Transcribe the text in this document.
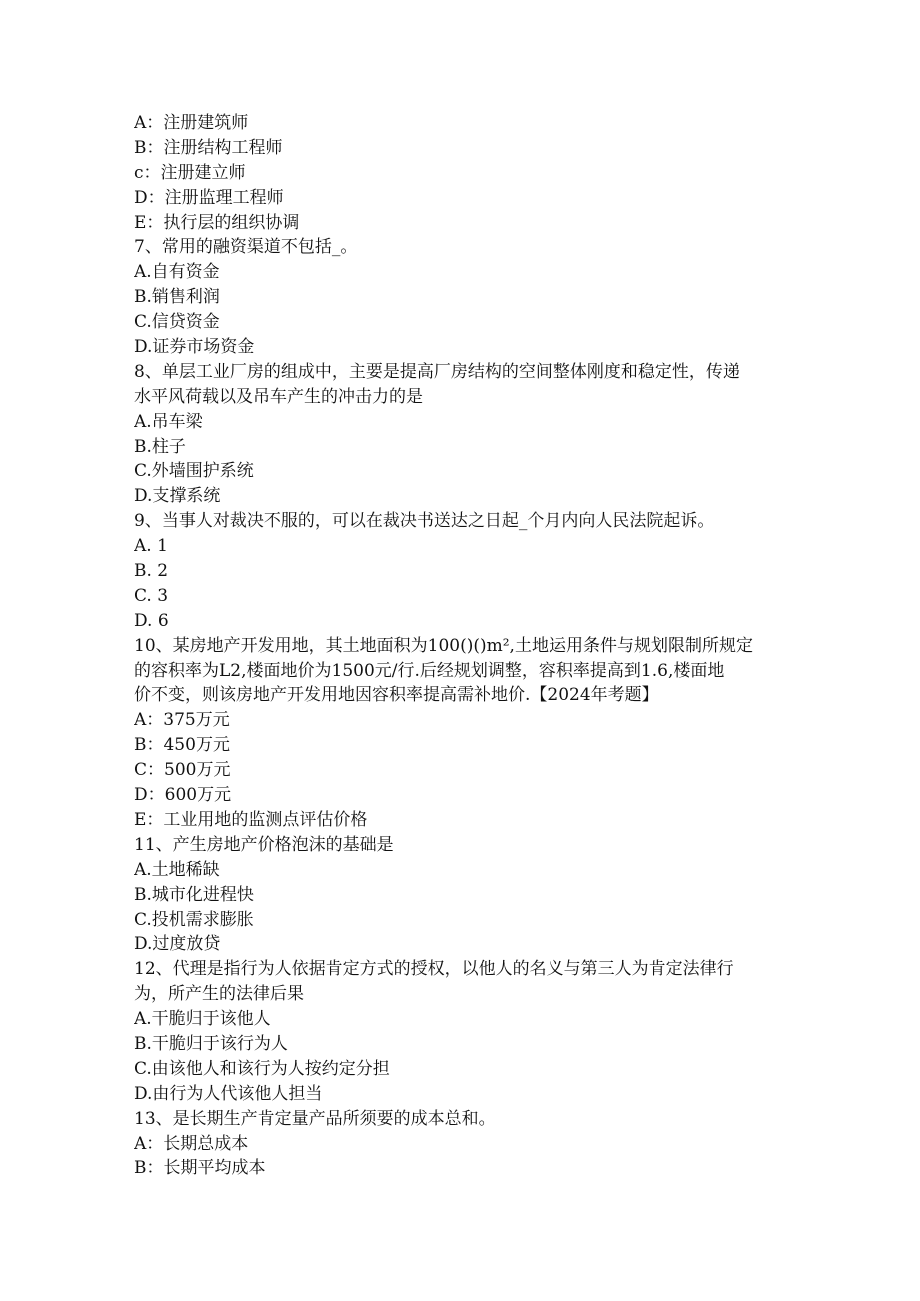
A：注册建筑师

B：注册结构工程师

c：注册建立师

D：注册监理工程师

E：执行层的组织协调

7、常用的融资渠道不包括_。

A.自有资金

B.销售利润

C.信贷资金

D.证券市场资金

8、单层工业厂房的组成中，主要是提高厂房结构的空间整体刚度和稳定性，传递

水平风荷载以及吊车产生的冲击力的是

A.吊车梁

B.柱子

C.外墙围护系统

D.支撑系统

9、当事人对裁决不服的，可以在裁决书送达之日起_个月内向人民法院起诉。

A. 1

B. 2

C. 3

D. 6

10、某房地产开发用地，其土地面积为100()()m²,土地运用条件与规划限制所规定

的容积率为L2,楼面地价为1500元/行.后经规划调整，容积率提高到1.6,楼面地

价不变，则该房地产开发用地因容积率提高需补地价.【2024年考题】

A：375万元

B：450万元

C：500万元

D：600万元

E：工业用地的监测点评估价格

11、产生房地产价格泡沫的基础是

A.土地稀缺

B.城市化进程快

C.投机需求膨胀

D.过度放贷

12、代理是指行为人依据肯定方式的授权，以他人的名义与第三人为肯定法律行

为，所产生的法律后果

A.干脆归于该他人

B.干脆归于该行为人

C.由该他人和该行为人按约定分担

D.由行为人代该他人担当

13、是长期生产肯定量产品所须要的成本总和。

A：长期总成本

B：长期平均成本
